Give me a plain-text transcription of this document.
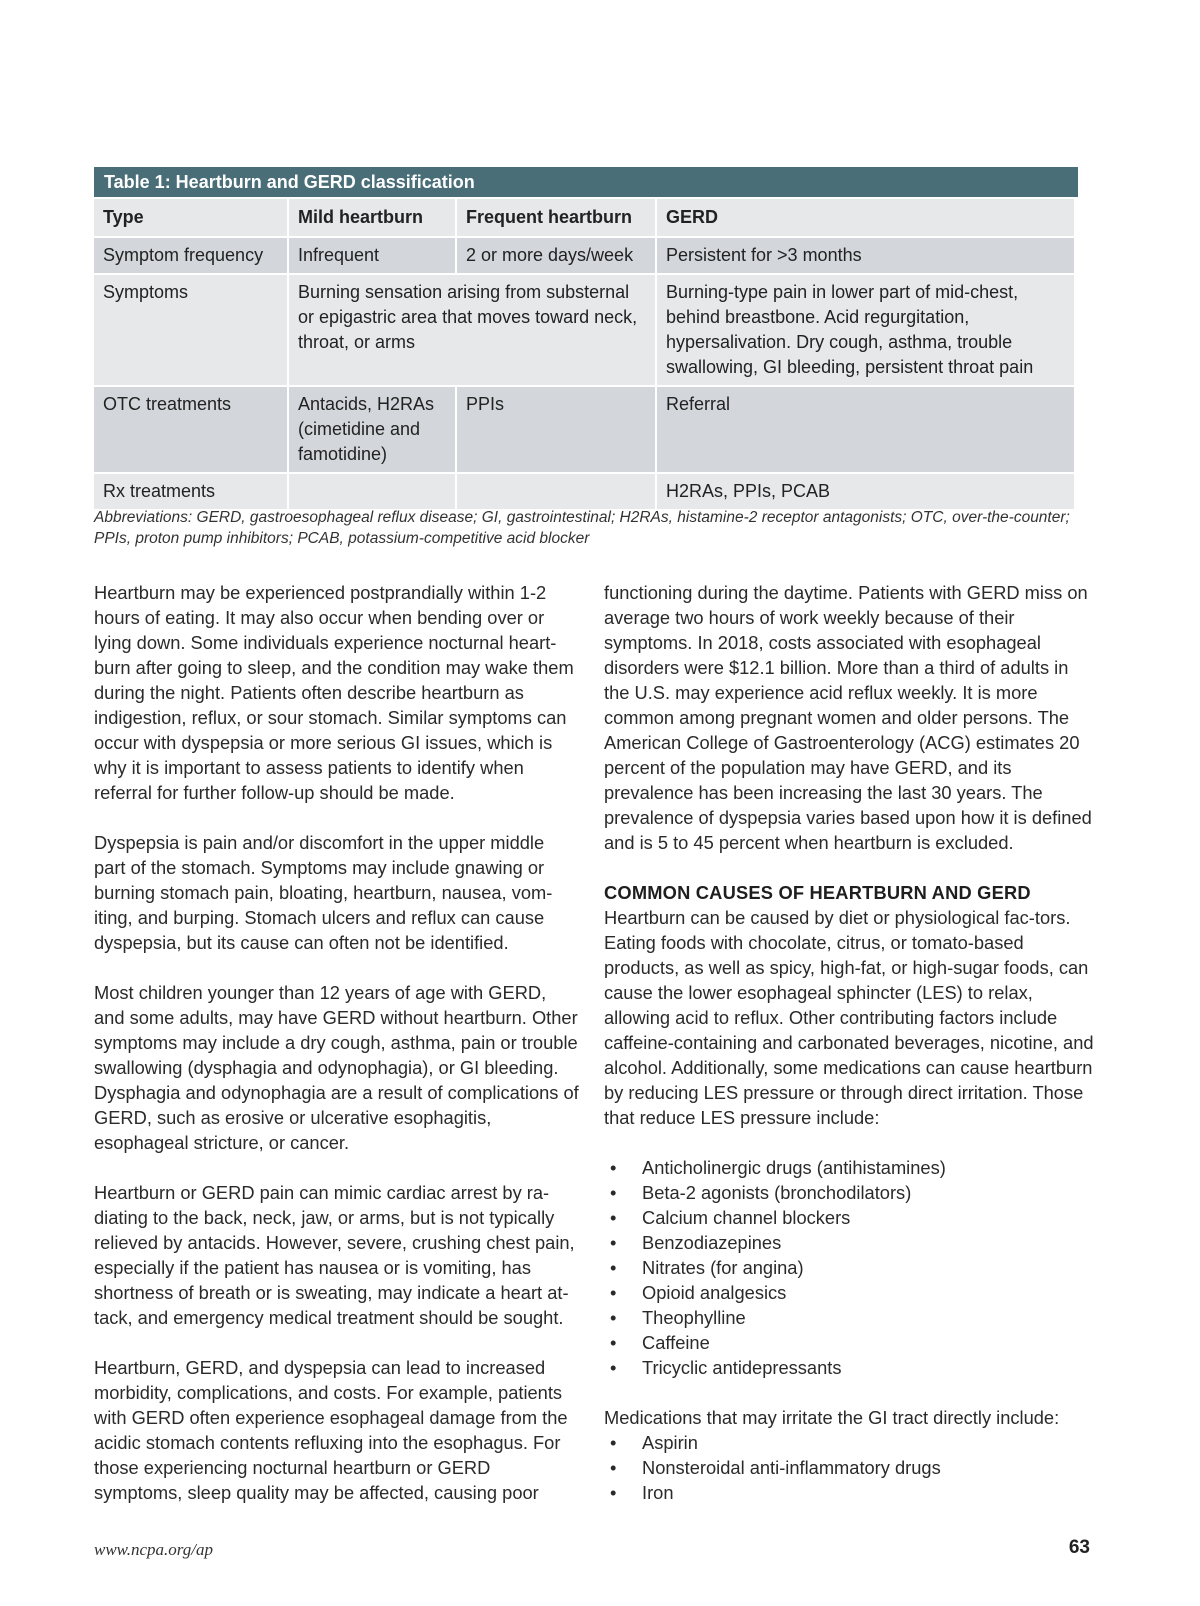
Table 1: Heartburn and GERD classification
Type	Mild heartburn	Frequent heartburn	GERD
Symptom frequency	Infrequent	2 or more days/week	Persistent for >3 months
Symptoms	Burning sensation arising from substernal or epigastric area that moves toward neck, throat, or arms		Burning-type pain in lower part of mid-chest, behind breastbone. Acid regurgitation, hypersalivation. Dry cough, asthma, trouble swallowing, GI bleeding, persistent throat pain
OTC treatments	Antacids, H2RAs (cimetidine and famotidine)	PPIs	Referral
Rx treatments			H2RAs, PPIs, PCAB
Abbreviations: GERD, gastroesophageal reflux disease; GI, gastrointestinal; H2RAs, histamine-2 receptor antagonists; OTC, over-the-counter; PPIs, proton pump inhibitors; PCAB, potassium-competitive acid blocker

Heartburn may be experienced postprandially within 1-2 hours of eating. It may also occur when bending over or lying down. Some individuals experience nocturnal heart-burn after going to sleep, and the condition may wake them during the night. Patients often describe heartburn as indigestion, reflux, or sour stomach. Similar symptoms can occur with dyspepsia or more serious GI issues, which is why it is important to assess patients to identify when referral for further follow-up should be made.

Dyspepsia is pain and/or discomfort in the upper middle part of the stomach. Symptoms may include gnawing or burning stomach pain, bloating, heartburn, nausea, vom-iting, and burping. Stomach ulcers and reflux can cause dyspepsia, but its cause can often not be identified.

Most children younger than 12 years of age with GERD, and some adults, may have GERD without heartburn. Other symptoms may include a dry cough, asthma, pain or trouble swallowing (dysphagia and odynophagia), or GI bleeding. Dysphagia and odynophagia are a result of complications of GERD, such as erosive or ulcerative esophagitis, esophageal stricture, or cancer.

Heartburn or GERD pain can mimic cardiac arrest by ra-diating to the back, neck, jaw, or arms, but is not typically relieved by antacids. However, severe, crushing chest pain, especially if the patient has nausea or is vomiting, has shortness of breath or is sweating, may indicate a heart at-tack, and emergency medical treatment should be sought.

Heartburn, GERD, and dyspepsia can lead to increased morbidity, complications, and costs. For example, patients with GERD often experience esophageal damage from the acidic stomach contents refluxing into the esophagus. For those experiencing nocturnal heartburn or GERD symptoms, sleep quality may be affected, causing poor

functioning during the daytime. Patients with GERD miss on average two hours of work weekly because of their symptoms. In 2018, costs associated with esophageal disorders were $12.1 billion. More than a third of adults in the U.S. may experience acid reflux weekly. It is more common among pregnant women and older persons. The American College of Gastroenterology (ACG) estimates 20 percent of the population may have GERD, and its prevalence has been increasing the last 30 years. The prevalence of dyspepsia varies based upon how it is defined and is 5 to 45 percent when heartburn is excluded.

COMMON CAUSES OF HEARTBURN AND GERD

Heartburn can be caused by diet or physiological fac-tors. Eating foods with chocolate, citrus, or tomato-based products, as well as spicy, high-fat, or high-sugar foods, can cause the lower esophageal sphincter (LES) to relax, allowing acid to reflux. Other contributing factors include caffeine-containing and carbonated beverages, nicotine, and alcohol. Additionally, some medications can cause heartburn by reducing LES pressure or through direct irritation. Those that reduce LES pressure include:

• Anticholinergic drugs (antihistamines)
• Beta-2 agonists (bronchodilators)
• Calcium channel blockers
• Benzodiazepines
• Nitrates (for angina)
• Opioid analgesics
• Theophylline
• Caffeine
• Tricyclic antidepressants
Medications that may irritate the GI tract directly include:
• Aspirin
• Nonsteroidal anti-inflammatory drugs
• Iron
www.ncpa.org/ap	63
